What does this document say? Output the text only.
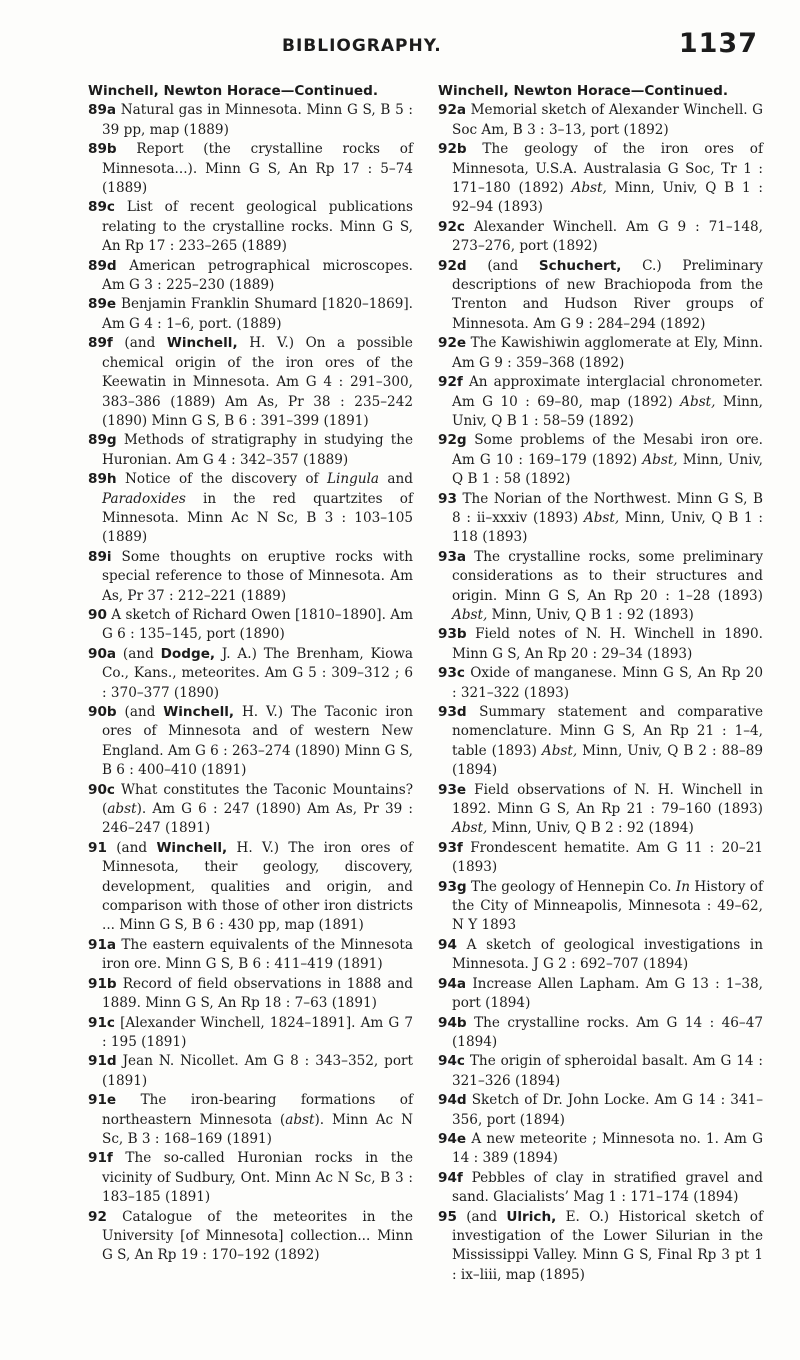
BIBLIOGRAPHY.	1137
Winchell, Newton Horace—Continued.

89a Natural gas in Minnesota. Minn G S, B 5 : 39 pp, map (1889)

89b Report (the crystalline rocks of Minnesota...). Minn G S, An Rp 17 : 5–74 (1889)

89c List of recent geological publications relating to the crystalline rocks. Minn G S, An Rp 17 : 233–265 (1889)

89d American petrographical microscopes. Am G 3 : 225–230 (1889)

89e Benjamin Franklin Shumard [1820–1869]. Am G 4 : 1–6, port. (1889)

89f (and Winchell, H. V.) On a possible chemical origin of the iron ores of the Keewatin in Minnesota. Am G 4 : 291–300, 383–386 (1889) Am As, Pr 38 : 235–242 (1890) Minn G S, B 6 : 391–399 (1891)

89g Methods of stratigraphy in studying the Huronian. Am G 4 : 342–357 (1889)

89h Notice of the discovery of Lingula and Paradoxides in the red quartzites of Minnesota. Minn Ac N Sc, B 3 : 103–105 (1889)

89i Some thoughts on eruptive rocks with special reference to those of Minnesota. Am As, Pr 37 : 212–221 (1889)

90 A sketch of Richard Owen [1810–1890]. Am G 6 : 135–145, port (1890)

90a (and Dodge, J. A.) The Brenham, Kiowa Co., Kans., meteorites. Am G 5 : 309–312 ; 6 : 370–377 (1890)

90b (and Winchell, H. V.) The Taconic iron ores of Minnesota and of western New England. Am G 6 : 263–274 (1890) Minn G S, B 6 : 400–410 (1891)

90c What constitutes the Taconic Mountains? (abst). Am G 6 : 247 (1890) Am As, Pr 39 : 246–247 (1891)

91 (and Winchell, H. V.) The iron ores of Minnesota, their geology, discovery, development, qualities and origin, and comparison with those of other iron districts ... Minn G S, B 6 : 430 pp, map (1891)

91a The eastern equivalents of the Minnesota iron ore. Minn G S, B 6 : 411–419 (1891)

91b Record of field observations in 1888 and 1889. Minn G S, An Rp 18 : 7–63 (1891)

91c [Alexander Winchell, 1824–1891]. Am G 7 : 195 (1891)

91d Jean N. Nicollet. Am G 8 : 343–352, port (1891)

91e The iron-bearing formations of northeastern Minnesota (abst). Minn Ac N Sc, B 3 : 168–169 (1891)

91f The so-called Huronian rocks in the vicinity of Sudbury, Ont. Minn Ac N Sc, B 3 : 183–185 (1891)

92 Catalogue of the meteorites in the University [of Minnesota] collection... Minn G S, An Rp 19 : 170–192 (1892)

Winchell, Newton Horace—Continued.

92a Memorial sketch of Alexander Winchell. G Soc Am, B 3 : 3–13, port (1892)

92b The geology of the iron ores of Minnesota, U.S.A. Australasia G Soc, Tr 1 : 171–180 (1892) Abst, Minn, Univ, Q B 1 : 92–94 (1893)

92c Alexander Winchell. Am G 9 : 71–148, 273–276, port (1892)

92d (and Schuchert, C.) Preliminary descriptions of new Brachiopoda from the Trenton and Hudson River groups of Minnesota. Am G 9 : 284–294 (1892)

92e The Kawishiwin agglomerate at Ely, Minn. Am G 9 : 359–368 (1892)

92f An approximate interglacial chronometer. Am G 10 : 69–80, map (1892) Abst, Minn, Univ, Q B 1 : 58–59 (1892)

92g Some problems of the Mesabi iron ore. Am G 10 : 169–179 (1892) Abst, Minn, Univ, Q B 1 : 58 (1892)

93 The Norian of the Northwest. Minn G S, B 8 : ii–xxxiv (1893) Abst, Minn, Univ, Q B 1 : 118 (1893)

93a The crystalline rocks, some preliminary considerations as to their structures and origin. Minn G S, An Rp 20 : 1–28 (1893) Abst, Minn, Univ, Q B 1 : 92 (1893)

93b Field notes of N. H. Winchell in 1890. Minn G S, An Rp 20 : 29–34 (1893)

93c Oxide of manganese. Minn G S, An Rp 20 : 321–322 (1893)

93d Summary statement and comparative nomenclature. Minn G S, An Rp 21 : 1–4, table (1893) Abst, Minn, Univ, Q B 2 : 88–89 (1894)

93e Field observations of N. H. Winchell in 1892. Minn G S, An Rp 21 : 79–160 (1893) Abst, Minn, Univ, Q B 2 : 92 (1894)

93f Frondescent hematite. Am G 11 : 20–21 (1893)

93g The geology of Hennepin Co. In History of the City of Minneapolis, Minnesota : 49–62, N Y 1893

94 A sketch of geological investigations in Minnesota. J G 2 : 692–707 (1894)

94a Increase Allen Lapham. Am G 13 : 1–38, port (1894)

94b The crystalline rocks. Am G 14 : 46–47 (1894)

94c The origin of spheroidal basalt. Am G 14 : 321–326 (1894)

94d Sketch of Dr. John Locke. Am G 14 : 341–356, port (1894)

94e A new meteorite ; Minnesota no. 1. Am G 14 : 389 (1894)

94f Pebbles of clay in stratified gravel and sand. Glacialists’ Mag 1 : 171–174 (1894)

95 (and Ulrich, E. O.) Historical sketch of investigation of the Lower Silurian in the Mississippi Valley. Minn G S, Final Rp 3 pt 1 : ix–liii, map (1895)
